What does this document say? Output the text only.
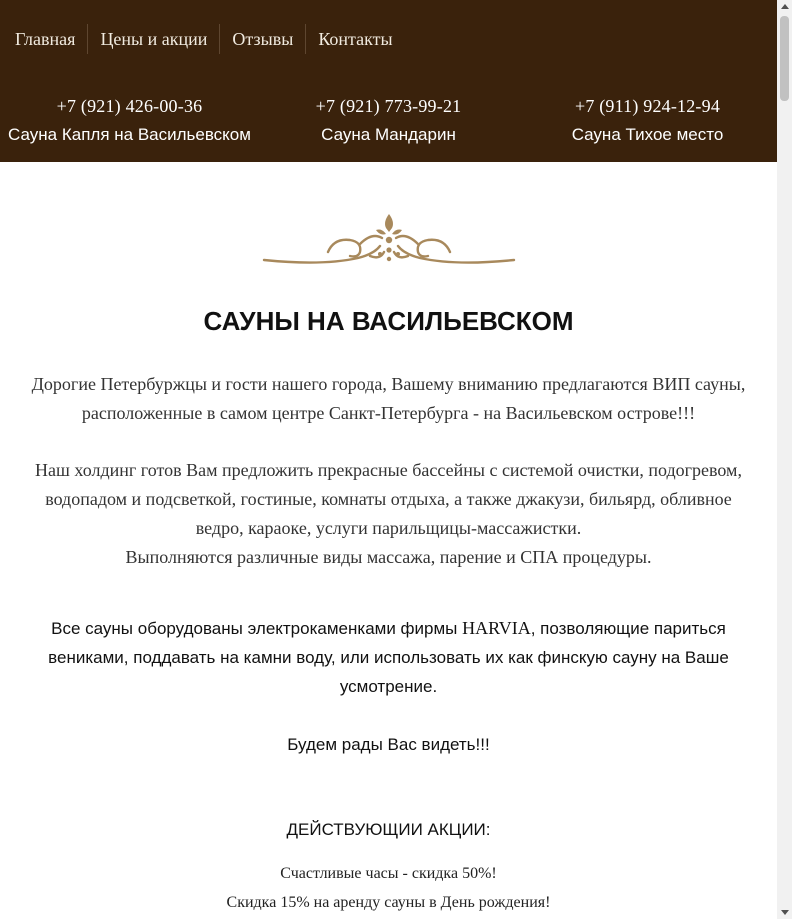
Главная	Цены и акции	Отзывы	Контакты
+7 (921) 426-00-36
Сауна Капля на Васильевском
+7 (921) 773-99-21
Сауна Мандарин
+7 (911) 924-12-94
Сауна Тихое место
САУНЫ НА ВАСИЛЬЕВСКОМ

Дорогие Петербуржцы и гости нашего города, Вашему вниманию предлагаются ВИП сауны,
расположенные в самом центре Санкт-Петербурга - на Васильевском острове!!!

Наш холдинг готов Вам предложить прекрасные бассейны с системой очистки, подогревом,
водопадом и подсветкой, гостиные, комнаты отдыха, а также джакузи, бильярд, обливное
ведро, караоке, услуги парильщицы-массажистки.
Выполняются различные виды массажа, парение и СПА процедуры.

Все сауны оборудованы электрокаменками фирмы HARVIA, позволяющие париться
вениками, поддавать на камни воду, или использовать их как финскую сауну на Ваше
усмотрение.

Будем рады Вас видеть!!!

ДЕЙСТВУЮЩИИ АКЦИИ:

Счастливые часы - скидка 50%!
Скидка 15% на аренду сауны в День рождения!
